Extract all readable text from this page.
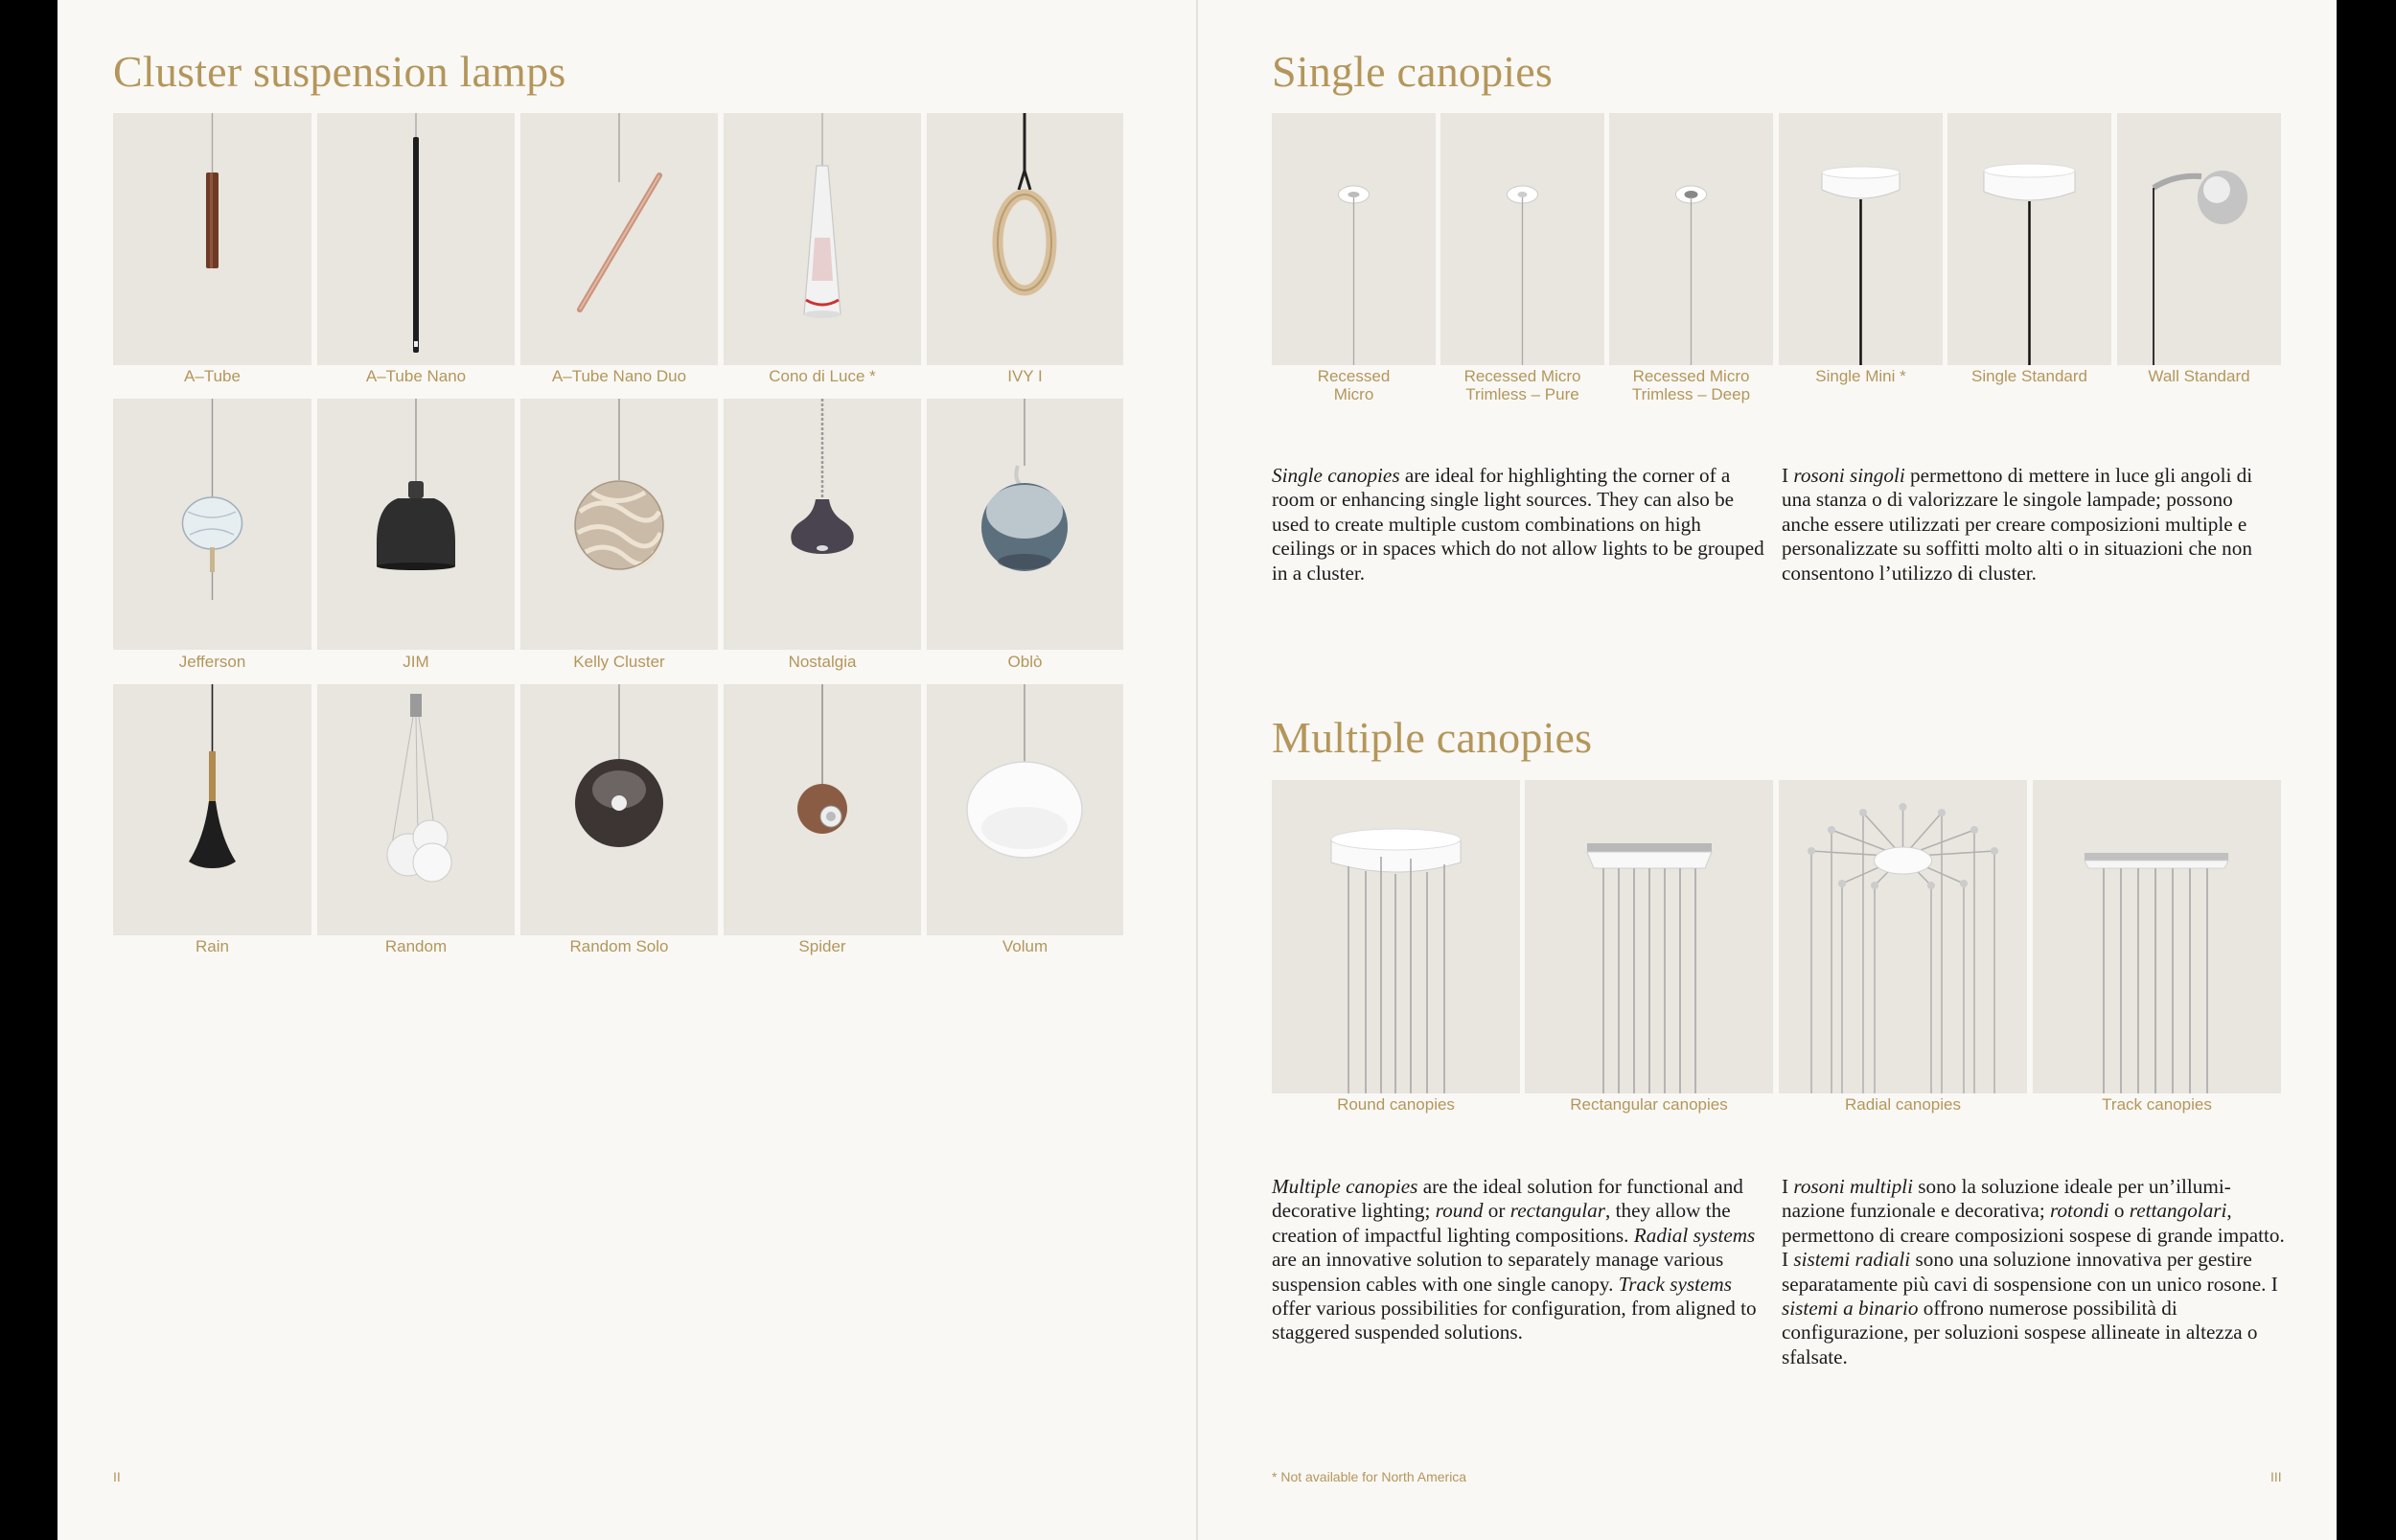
Cluster suspension lamps
A–Tube	A–Tube Nano	A–Tube Nano Duo	Cono di Luce *	IVY I
Jefferson	JIM	Kelly Cluster	Nostalgia	Oblò
Rain	Random	Random Solo	Spider	Volum
II
Single canopies
Recessed
Micro
Recessed Micro
Trimless – Pure
Recessed Micro
Trimless – Deep
Single Mini *	Single Standard	Wall Standard

Single canopies are ideal for highlighting the corner of a room or enhancing single light sources. They can also be used to create multiple custom combinations on high ceilings or in spaces which do not allow lights to be grouped in a cluster.

I rosoni singoli permettono di mettere in luce gli angoli di una stanza o di valorizzare le singole lampade; possono anche essere utilizzati per creare composizioni multiple e personalizzate su soffitti molto alti o in situazioni che non consentono l’utilizzo di cluster.

Multiple canopies
Round canopies	Rectangular canopies	Radial canopies	Track canopies

Multiple canopies are the ideal solution for functional and decorative lighting; round or rectangular, they allow the creation of impactful lighting compositions. Radial systems are an innovative solution to separately manage various suspension cables with one single canopy. Track systems offer various possibilities for configuration, from aligned to staggered suspended solutions.

I rosoni multipli sono la soluzione ideale per un’illumi-nazione funzionale e decorativa; rotondi o rettangolari, permettono di creare composizioni sospese di grande impatto. I sistemi radiali sono una soluzione innovativa per gestire separatamente più cavi di sospensione con un unico rosone. I sistemi a binario offrono numerose possibilità di configurazione, per soluzioni sospese allineate in altezza o sfalsate.

* Not available for North America	III
